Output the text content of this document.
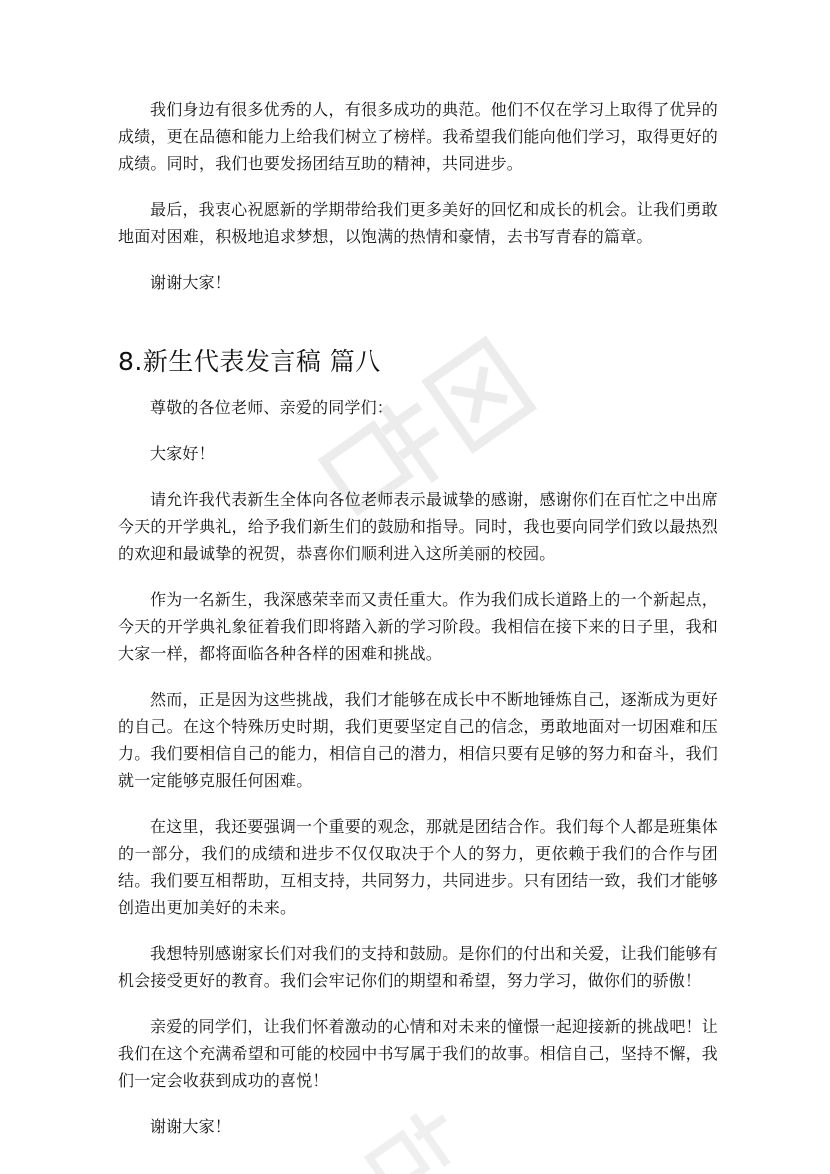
知网

我们身边有很多优秀的人，有很多成功的典范。他们不仅在学习上取得了优异的成绩，更在品德和能力上给我们树立了榜样。我希望我们能向他们学习，取得更好的成绩。同时，我们也要发扬团结互助的精神，共同进步。

最后，我衷心祝愿新的学期带给我们更多美好的回忆和成长的机会。让我们勇敢地面对困难，积极地追求梦想，以饱满的热情和豪情，去书写青春的篇章。

谢谢大家！

8.新生代表发言稿 篇八

尊敬的各位老师、亲爱的同学们：

大家好！

请允许我代表新生全体向各位老师表示最诚挚的感谢，感谢你们在百忙之中出席今天的开学典礼，给予我们新生们的鼓励和指导。同时，我也要向同学们致以最热烈的欢迎和最诚挚的祝贺，恭喜你们顺利进入这所美丽的校园。

作为一名新生，我深感荣幸而又责任重大。作为我们成长道路上的一个新起点，今天的开学典礼象征着我们即将踏入新的学习阶段。我相信在接下来的日子里，我和大家一样，都将面临各种各样的困难和挑战。

然而，正是因为这些挑战，我们才能够在成长中不断地锤炼自己，逐渐成为更好的自己。在这个特殊历史时期，我们更要坚定自己的信念，勇敢地面对一切困难和压力。我们要相信自己的能力，相信自己的潜力，相信只要有足够的努力和奋斗，我们就一定能够克服任何困难。

在这里，我还要强调一个重要的观念，那就是团结合作。我们每个人都是班集体的一部分，我们的成绩和进步不仅仅取决于个人的努力，更依赖于我们的合作与团结。我们要互相帮助，互相支持，共同努力，共同进步。只有团结一致，我们才能够创造出更加美好的未来。

我想特别感谢家长们对我们的支持和鼓励。是你们的付出和关爱，让我们能够有机会接受更好的教育。我们会牢记你们的期望和希望，努力学习，做你们的骄傲！

亲爱的同学们，让我们怀着激动的心情和对未来的憧憬一起迎接新的挑战吧！让我们在这个充满希望和可能的校园中书写属于我们的故事。相信自己，坚持不懈，我们一定会收获到成功的喜悦！

谢谢大家！
